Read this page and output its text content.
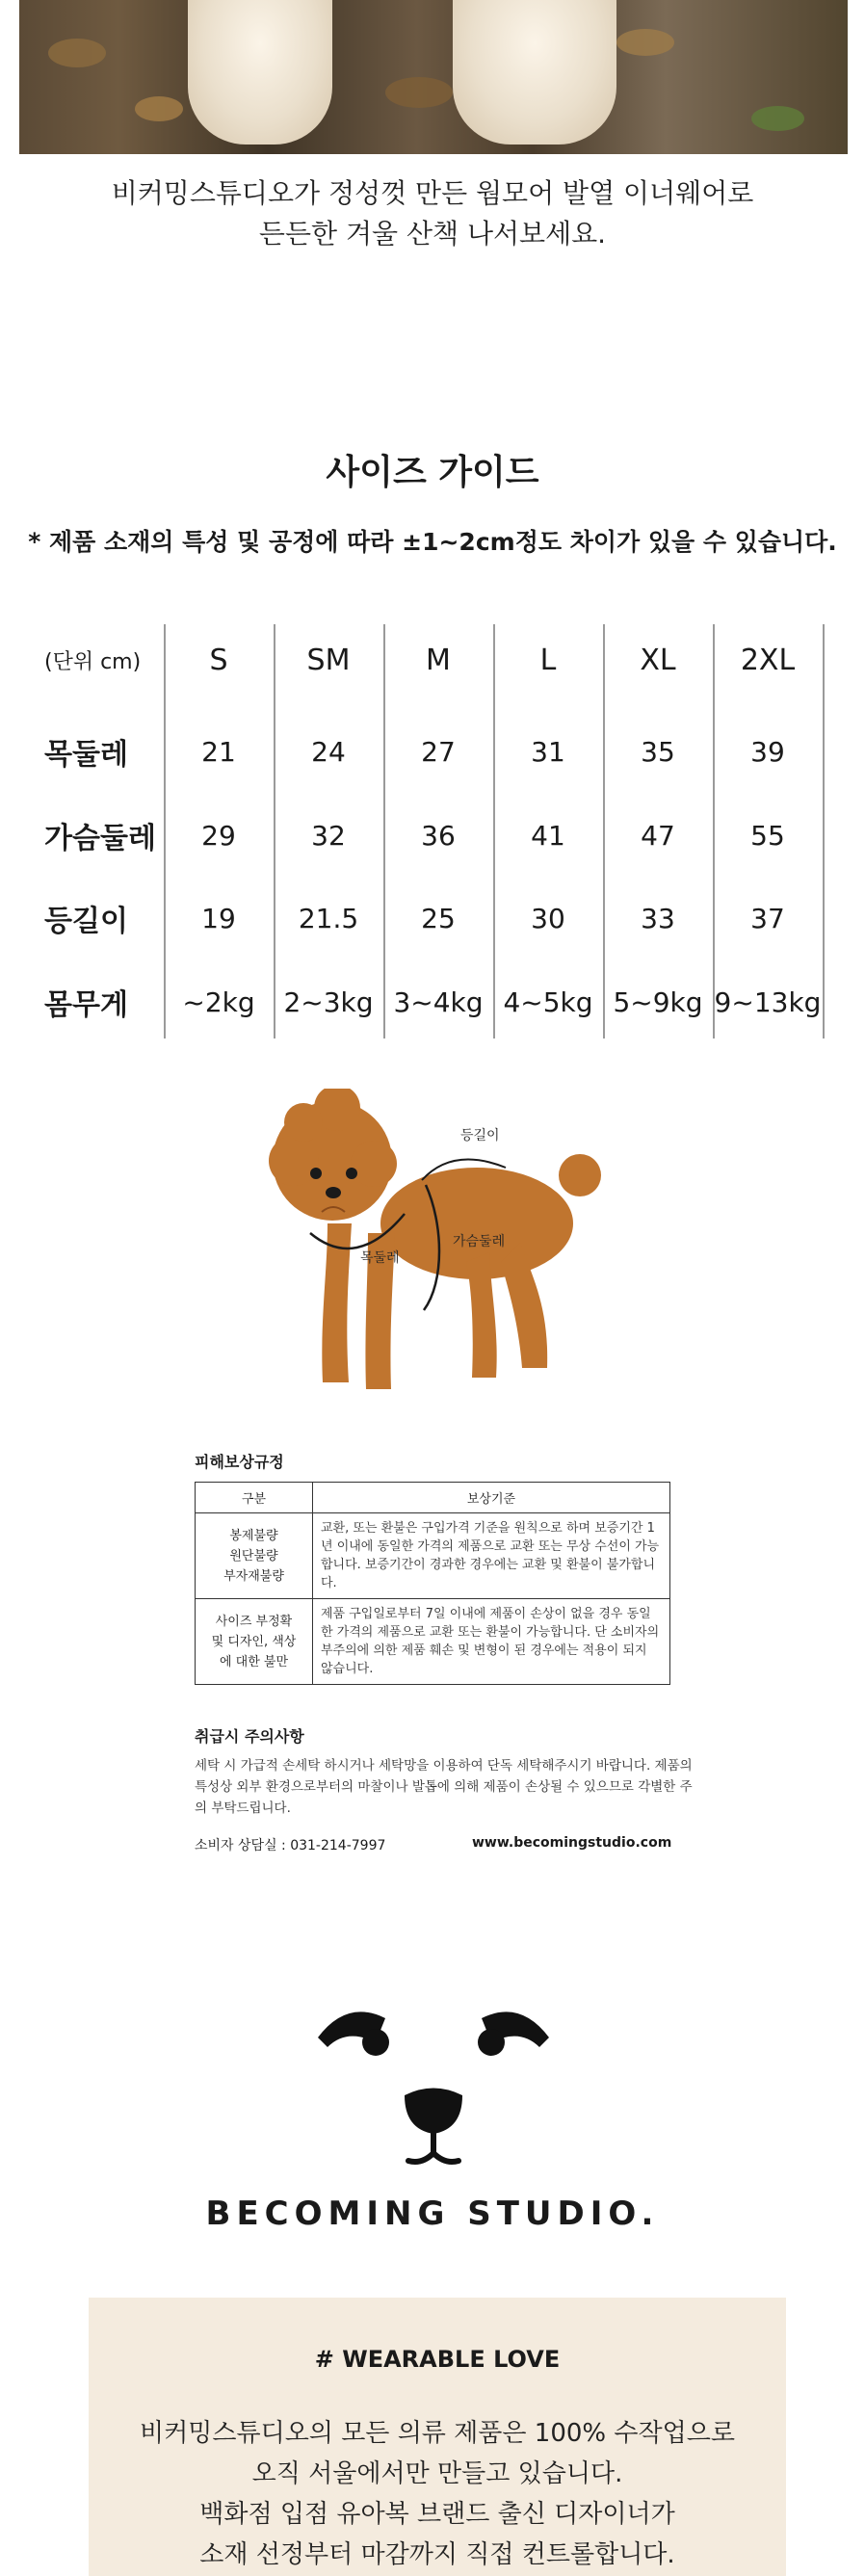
비커밍스튜디오가 정성껏 만든 웜모어 발열 이너웨어로

든든한 겨울 산책 나서보세요.

사이즈 가이드
* 제품 소재의 특성 및 공정에 따라 ±1~2cm정도 차이가 있을 수 있습니다.
(단위 cm)	S	SM	M	L	XL	2XL
목둘레	21	24	27	31	35	39
가슴둘레	29	32	36	41	47	55
등길이	19	21.5	25	30	33	37
몸무게	~2kg	2~3kg 3~4kg 4~5kg 5~9kg 9~13kg
등길이
가슴둘레
목둘레
피해보상규정
구분	보상기준

봉제불량
원단불량
부자재불량	교환, 또는 환불은 구입가격 기준을 원칙으로 하며 보증기간 1년 이내에 동일한 가격의 제품으로 교환 또는 무상 수선이 가능합니다. 보증기간이 경과한 경우에는 교환 및 환불이 불가합니다.

사이즈 부정확
및 디자인, 색상
에 대한 불만	제품 구입일로부터 7일 이내에 제품이 손상이 없을 경우 동일한 가격의 제품으로 교환 또는 환불이 가능합니다. 단 소비자의 부주의에 의한 제품 훼손 및 변형이 된 경우에는 적용이 되지 않습니다.
취급시 주의사항
세탁 시 가급적 손세탁 하시거나 세탁망을 이용하여 단독 세탁해주시기 바랍니다. 제품의 특성상 외부 환경으로부터의 마찰이나 발톱에 의해 제품이 손상될 수 있으므로 각별한 주의 부탁드립니다.
소비자 상담실 : 031-214-7997	www.becomingstudio.com
BECOMING STUDIO.
# WEARABLE LOVE
비커밍스튜디오의 모든 의류 제품은 100% 수작업으로
오직 서울에서만 만들고 있습니다.
백화점 입점 유아복 브랜드 출신 디자이너가
소재 선정부터 마감까지 직접 컨트롤합니다.
